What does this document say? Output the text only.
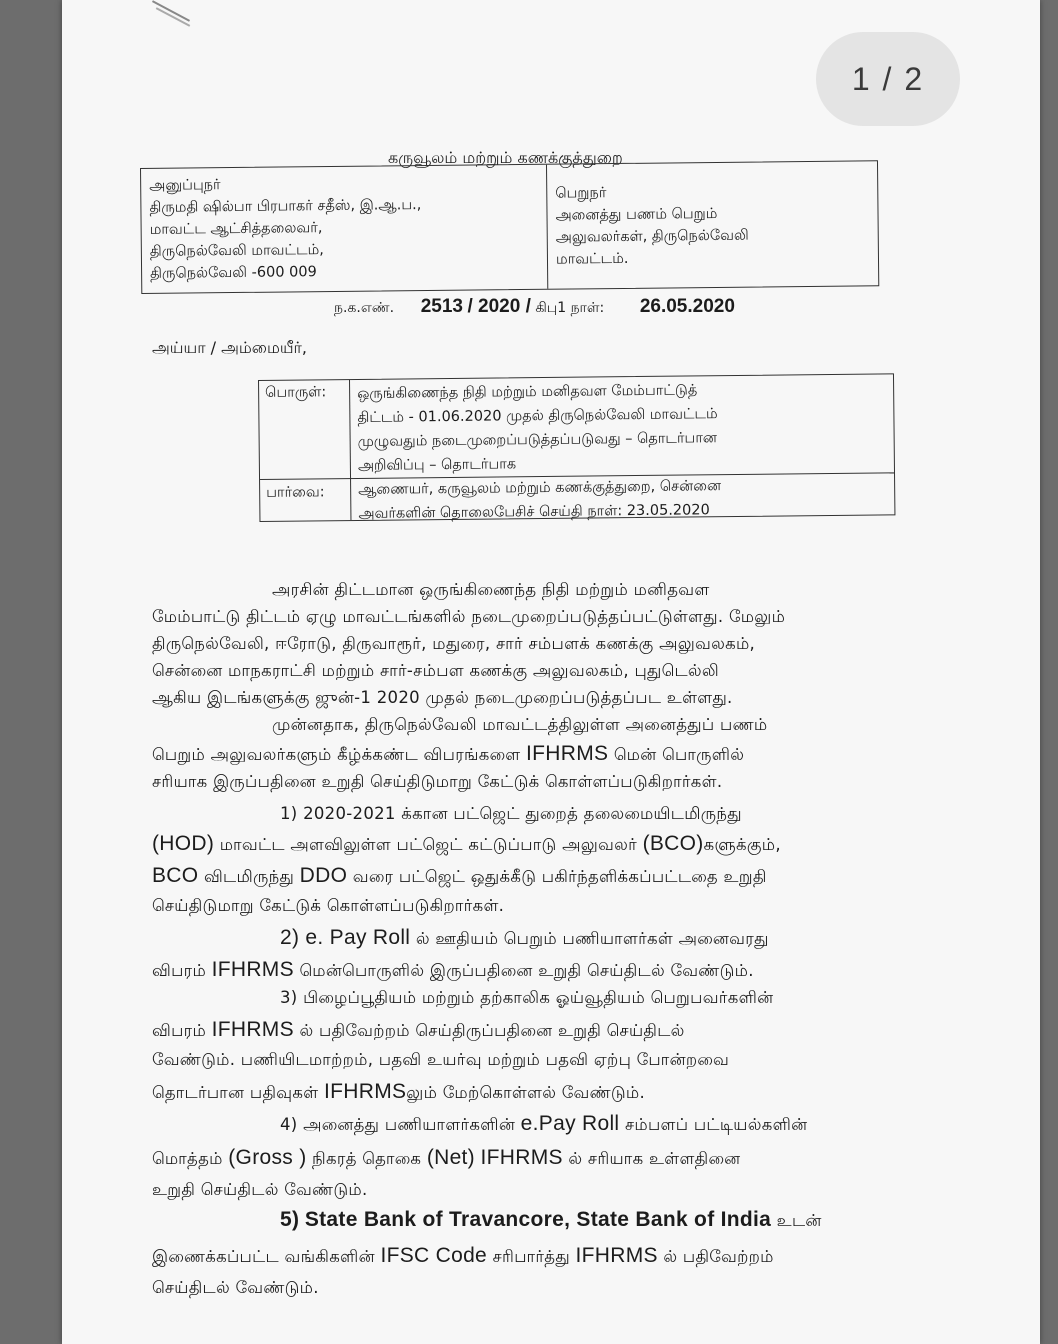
கருவூலம் மற்றும் கணக்குத்துறை
அனுப்புநர்
திருமதி ஷில்பா பிரபாகர் சதீஸ், இ.ஆ.ப.,
மாவட்ட ஆட்சித்தலைவர்,
திருநெல்வேலி மாவட்டம்,
திருநெல்வேலி -600 009
பெறுநர்
அனைத்து பணம் பெறும்
அலுவலர்கள், திருநெல்வேலி
மாவட்டம்.
ந.க.எண். 2513 / 2020 / கிபு1 நாள்: 26.05.2020
அய்யா / அம்மையீர்,
பொருள்: ஒருங்கிணைந்த நிதி மற்றும் மனிதவள மேம்பாட்டுத்
திட்டம் - 01.06.2020 முதல் திருநெல்வேலி மாவட்டம்
முழுவதும் நடைமுறைப்படுத்தப்படுவது – தொடர்பான
அறிவிப்பு – தொடர்பாக
பார்வை: ஆணையர், கருவூலம் மற்றும் கணக்குத்துறை, சென்னை
அவர்களின் தொலைபேசிச் செய்தி நாள்: 23.05.2020
அரசின் திட்டமான ஒருங்கிணைந்த நிதி மற்றும் மனிதவள
மேம்பாட்டு திட்டம் ஏழு மாவட்டங்களில் நடைமுறைப்படுத்தப்பட்டுள்ளது. மேலும்
திருநெல்வேலி, ஈரோடு, திருவாரூர், மதுரை, சார் சம்பளக் கணக்கு அலுவலகம்,
சென்னை மாநகராட்சி மற்றும் சார்-சம்பள கணக்கு அலுவலகம், புதுடெல்லி
ஆகிய இடங்களுக்கு ஜுன்-1 2020 முதல் நடைமுறைப்படுத்தப்பட உள்ளது.
முன்னதாக, திருநெல்வேலி மாவட்டத்திலுள்ள அனைத்துப் பணம்
பெறும் அலுவலர்களும் கீழ்க்கண்ட விபரங்களை IFHRMS மென் பொருளில்
சரியாக இருப்பதினை உறுதி செய்திடுமாறு கேட்டுக் கொள்ளப்படுகிறார்கள்.
1) 2020-2021 க்கான பட்ஜெட் துறைத் தலைமையிடமிருந்து
(HOD) மாவட்ட அளவிலுள்ள பட்ஜெட் கட்டுப்பாடு அலுவலர் (BCO)களுக்கும்,
BCO விடமிருந்து DDO வரை பட்ஜெட் ஒதுக்கீடு பகிர்ந்தளிக்கப்பட்டதை உறுதி
செய்திடுமாறு கேட்டுக் கொள்ளப்படுகிறார்கள்.
2) e. Pay Roll ல் ஊதியம் பெறும் பணியாளர்கள் அனைவரது
விபரம் IFHRMS மென்பொருளில் இருப்பதினை உறுதி செய்திடல் வேண்டும்.
3) பிழைப்பூதியம் மற்றும் தற்காலிக ஓய்வூதியம் பெறுபவர்களின்
விபரம் IFHRMS ல் பதிவேற்றம் செய்திருப்பதினை உறுதி செய்திடல்
வேண்டும். பணியிடமாற்றம், பதவி உயர்வு மற்றும் பதவி ஏற்பு போன்றவை
தொடர்பான பதிவுகள் IFHRMSலும் மேற்கொள்ளல் வேண்டும்.
4) அனைத்து பணியாளர்களின் e.Pay Roll சம்பளப் பட்டியல்களின்
மொத்தம் (Gross ) நிகரத் தொகை (Net) IFHRMS ல் சரியாக உள்ளதினை
உறுதி செய்திடல் வேண்டும்.
5) State Bank of Travancore, State Bank of India உடன்
இணைக்கப்பட்ட வங்கிகளின் IFSC Code சரிபார்த்து IFHRMS ல் பதிவேற்றம்
செய்திடல் வேண்டும்.
1 / 2
